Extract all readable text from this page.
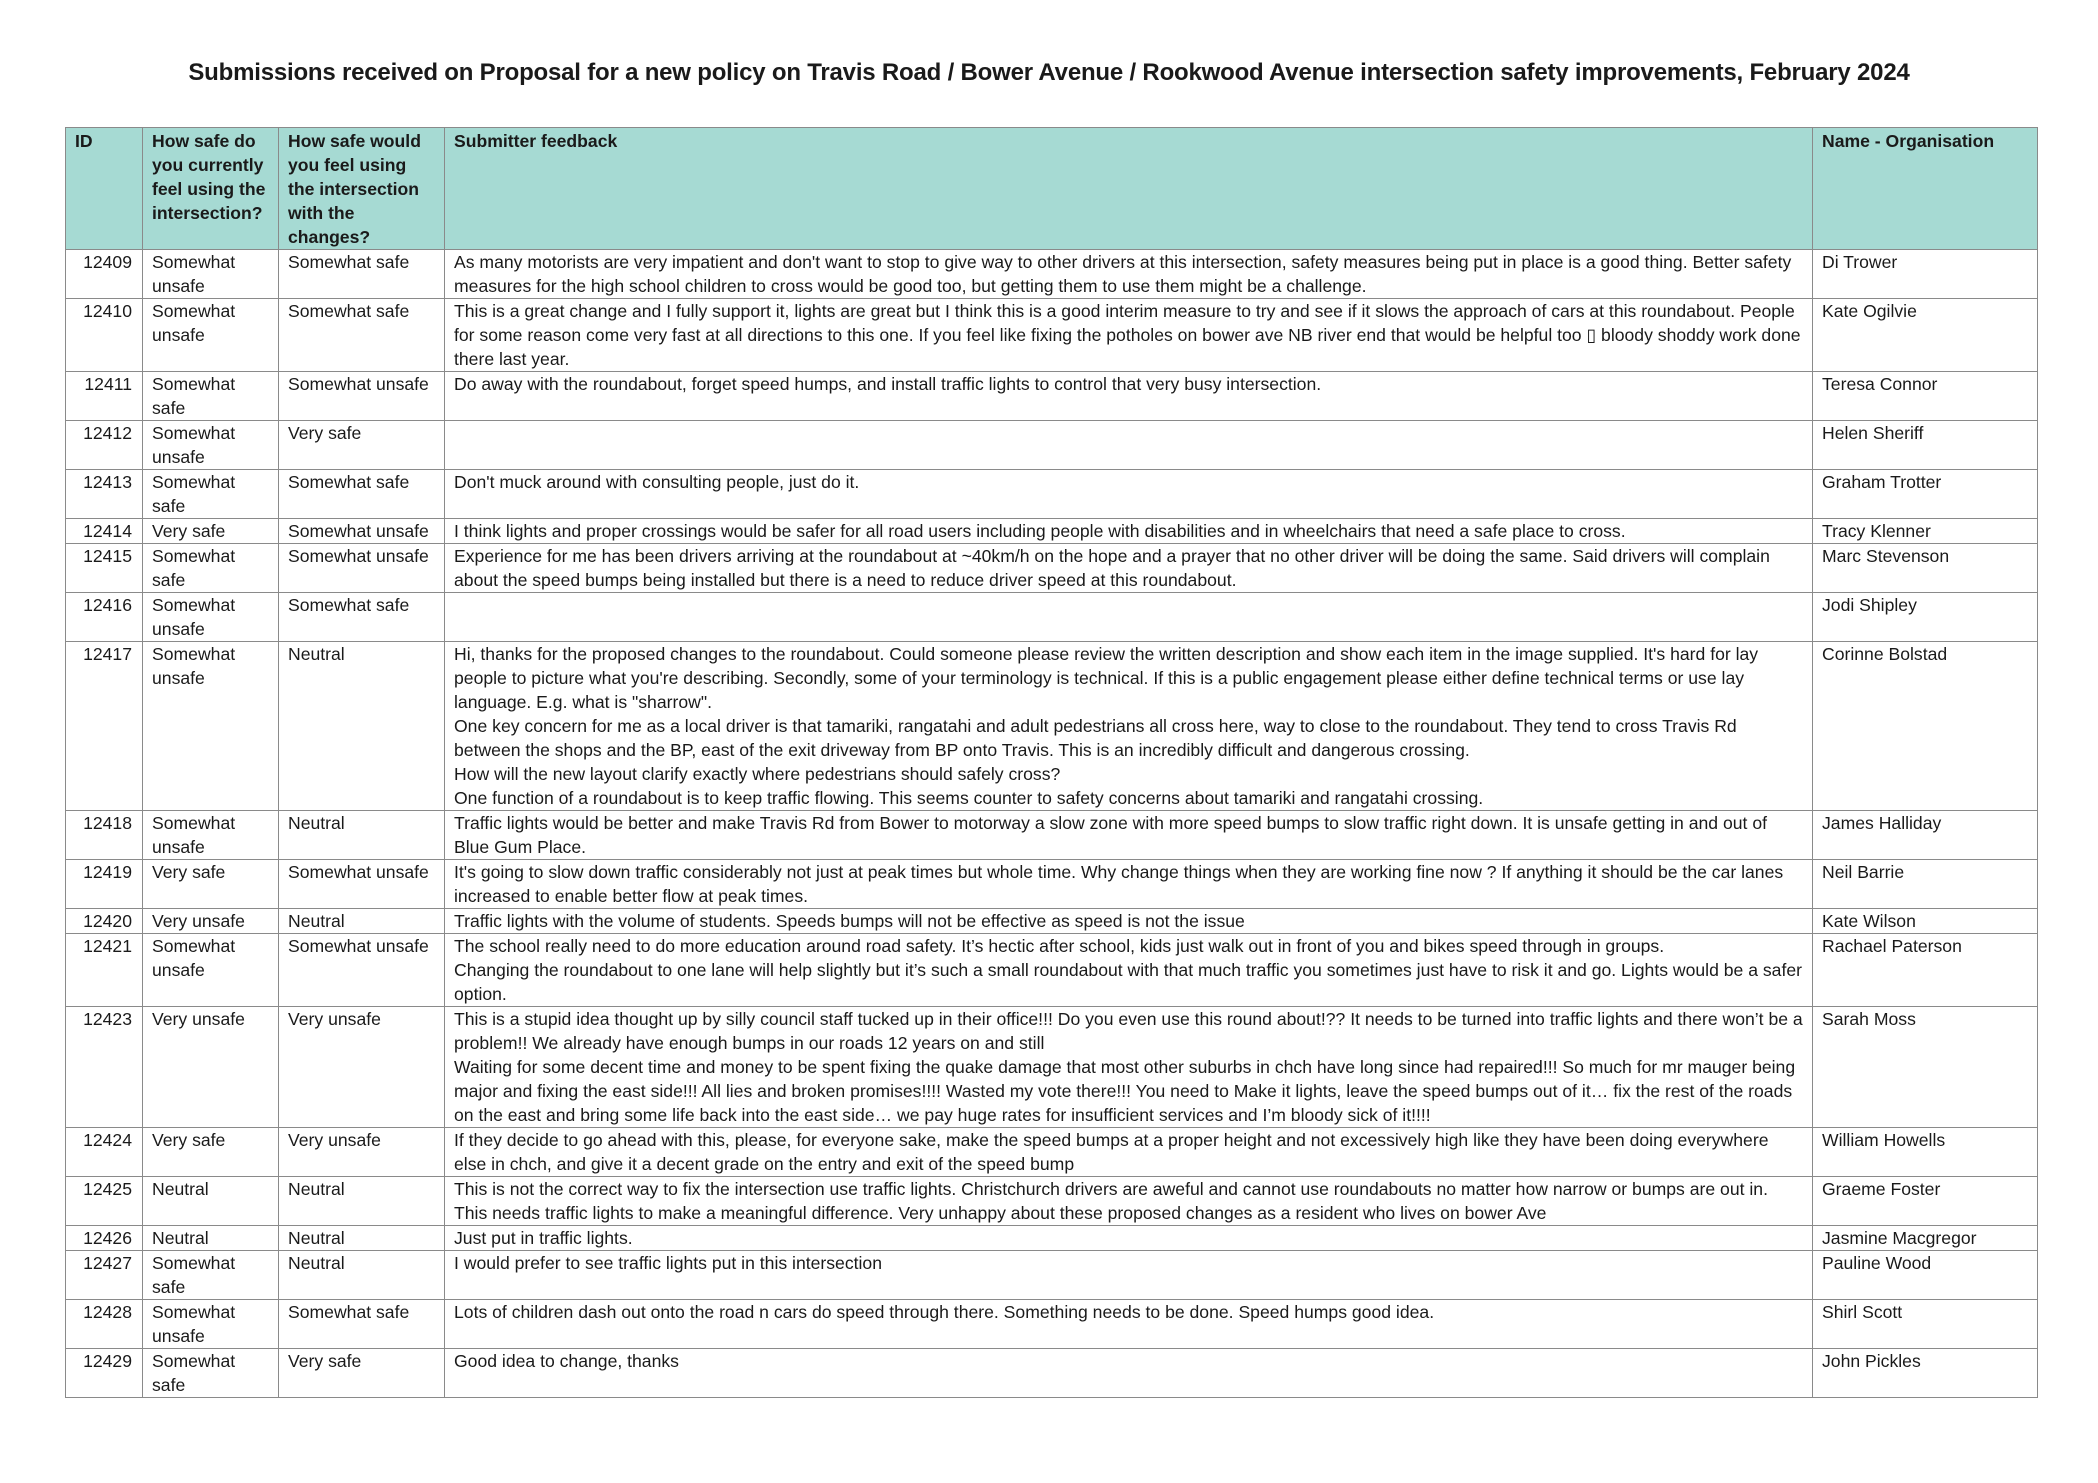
Submissions received on Proposal for a new policy on Travis Road / Bower Avenue / Rookwood Avenue intersection safety improvements, February 2024
ID	How safe do you currently feel using the intersection?	How safe would you feel using the intersection with the changes?	Submitter feedback	Name - Organisation
12409	Somewhat unsafe	Somewhat safe	As many motorists are very impatient and don't want to stop to give way to other drivers at this intersection, safety measures being put in place is a good thing. Better safety measures for the high school children to cross would be good too, but getting them to use them might be a challenge.	Di Trower
12410	Somewhat unsafe	Somewhat safe	This is a great change and I fully support it, lights are great but I think this is a good interim measure to try and see if it slows the approach of cars at this roundabout. People for some reason come very fast at all directions to this one. If you feel like fixing the potholes on bower ave NB river end that would be helpful too ▯ bloody shoddy work done there last year.	Kate Ogilvie
12411	Somewhat safe	Somewhat unsafe	Do away with the roundabout, forget speed humps, and install traffic lights to control that very busy intersection.	Teresa Connor
12412	Somewhat unsafe	Very safe		Helen Sheriff
12413	Somewhat safe	Somewhat safe	Don't muck around with consulting people, just do it.	Graham Trotter
12414	Very safe	Somewhat unsafe	I think lights and proper crossings would be safer for all road users including people with disabilities and in wheelchairs that need a safe place to cross.	Tracy Klenner
12415	Somewhat safe	Somewhat unsafe	Experience for me has been drivers arriving at the roundabout at ~40km/h on the hope and a prayer that no other driver will be doing the same. Said drivers will complain about the speed bumps being installed but there is a need to reduce driver speed at this roundabout.	Marc Stevenson
12416	Somewhat unsafe	Somewhat safe		Jodi Shipley
12417	Somewhat unsafe	Neutral	Hi, thanks for the proposed changes to the roundabout. Could someone please review the written description and show each item in the image supplied. It's hard for lay people to picture what you're describing. Secondly, some of your terminology is technical. If this is a public engagement please either define technical terms or use lay language. E.g. what is "sharrow".
One key concern for me as a local driver is that tamariki, rangatahi and adult pedestrians all cross here, way to close to the roundabout. They tend to cross Travis Rd between the shops and the BP, east of the exit driveway from BP onto Travis. This is an incredibly difficult and dangerous crossing.
How will the new layout clarify exactly where pedestrians should safely cross?
One function of a roundabout is to keep traffic flowing. This seems counter to safety concerns about tamariki and rangatahi crossing.	Corinne Bolstad
12418	Somewhat unsafe	Neutral	Traffic lights would be better and make Travis Rd from Bower to motorway a slow zone with more speed bumps to slow traffic right down. It is unsafe getting in and out of Blue Gum Place.	James Halliday
12419	Very safe	Somewhat unsafe	It's going to slow down traffic considerably not just at peak times but whole time. Why change things when they are working fine now ? If anything it should be the car lanes increased to enable better flow at peak times.	Neil Barrie
12420	Very unsafe	Neutral	Traffic lights with the volume of students. Speeds bumps will not be effective as speed is not the issue	Kate Wilson
12421	Somewhat unsafe	Somewhat unsafe	The school really need to do more education around road safety. It’s hectic after school, kids just walk out in front of you and bikes speed through in groups.
Changing the roundabout to one lane will help slightly but it’s such a small roundabout with that much traffic you sometimes just have to risk it and go. Lights would be a safer option.	Rachael Paterson
12423	Very unsafe	Very unsafe	This is a stupid idea thought up by silly council staff tucked up in their office!!! Do you even use this round about!?? It needs to be turned into traffic lights and there won’t be a problem!! We already have enough bumps in our roads 12 years on and still
Waiting for some decent time and money to be spent fixing the quake damage that most other suburbs in chch have long since had repaired!!! So much for mr mauger being major and fixing the east side!!! All lies and broken promises!!!! Wasted my vote there!!! You need to Make it lights, leave the speed bumps out of it… fix the rest of the roads on the east and bring some life back into the east side… we pay huge rates for insufficient services and I’m bloody sick of it!!!!	Sarah Moss
12424	Very safe	Very unsafe	If they decide to go ahead with this, please, for everyone sake, make the speed bumps at a proper height and not excessively high like they have been doing everywhere else in chch, and give it a decent grade on the entry and exit of the speed bump	William Howells
12425	Neutral	Neutral	This is not the correct way to fix the intersection use traffic lights. Christchurch drivers are aweful and cannot use roundabouts no matter how narrow or bumps are out in. This needs traffic lights to make a meaningful difference. Very unhappy about these proposed changes as a resident who lives on bower Ave	Graeme Foster
12426	Neutral	Neutral	Just put in traffic lights.	Jasmine Macgregor
12427	Somewhat safe	Neutral	I would prefer to see traffic lights put in this intersection	Pauline Wood
12428	Somewhat unsafe	Somewhat safe	Lots of children dash out onto the road n cars do speed through there. Something needs to be done. Speed humps good idea.	Shirl Scott
12429	Somewhat safe	Very safe	Good idea to change, thanks	John Pickles
